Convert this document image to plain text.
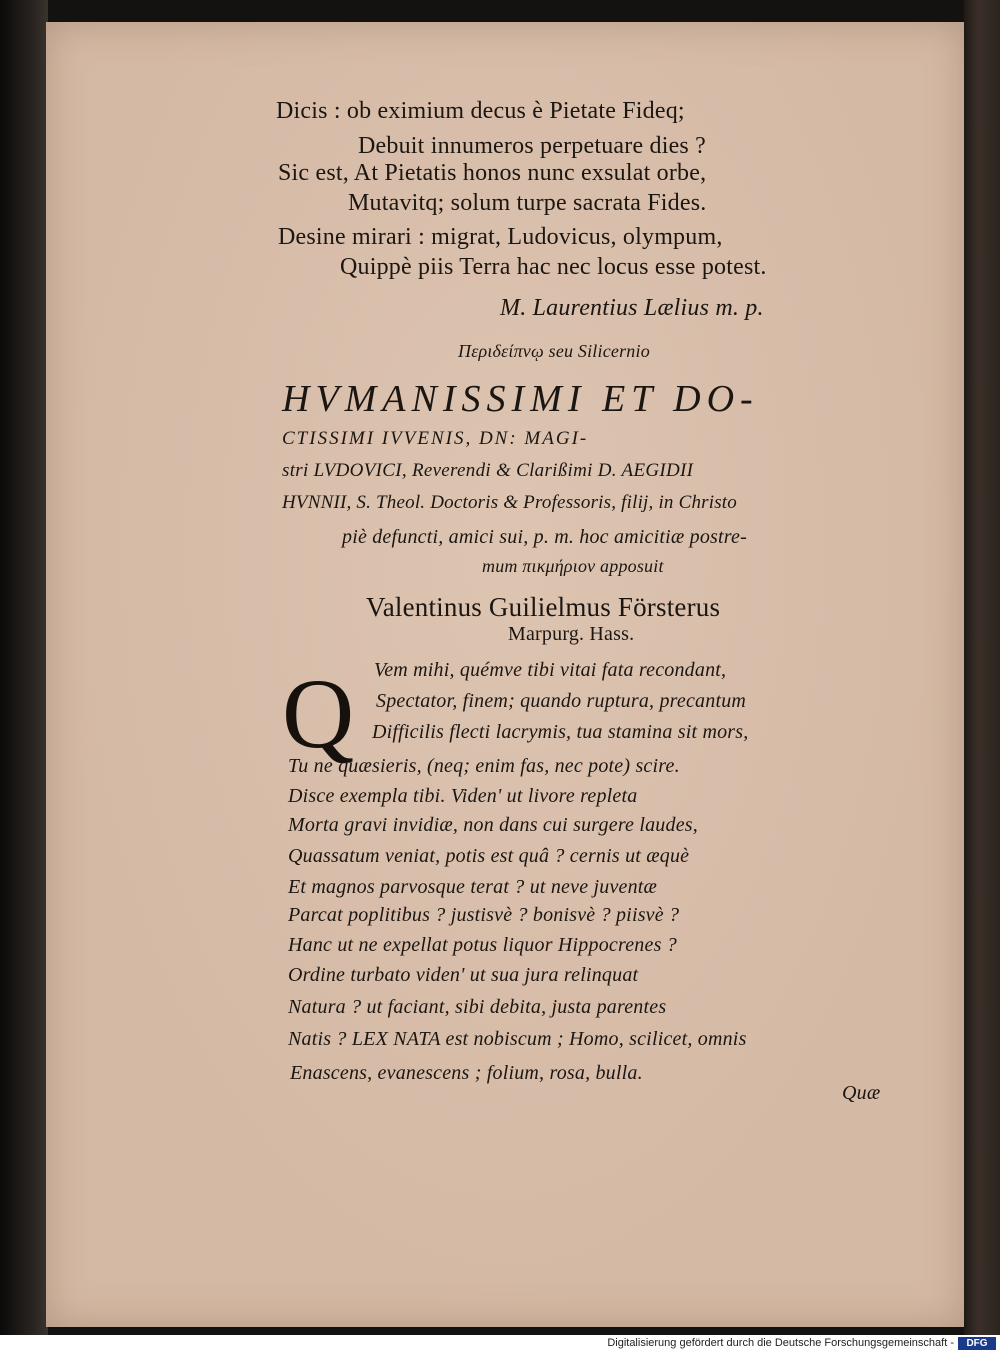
Dicis : ob eximium decus è Pietate Fideq;
Debuit innumeros perpetuare dies ?
Sic est, At Pietatis honos nunc exsulat orbe,
Mutavitq; solum turpe sacrata Fides.
Desine mirari : migrat, Ludovicus, olympum,
Quippè piis Terra hac nec locus esse potest.
M. Laurentius Lælius m. p.
Περιδείπνῳ seu Silicernio
HVMANISSIMI ET DO-
CTISSIMI IVVENIS, DN: MAGI-
stri LVDOVICI, Reverendi & Clarißimi D. AEGIDII
HVNNII, S. Theol. Doctoris & Professoris, filij, in Christo
piè defuncti, amici sui, p. m. hoc amicitiæ postre-
mum πικμήριον apposuit
Valentinus Guilielmus Försterus
Marpurg. Hass.
Q Vem mihi, quémve tibi vitai fata recondant,
Spectator, finem; quando ruptura, precantum
Difficilis flecti lacrymis, tua stamina sit mors,
Tu ne quæsieris, (neq; enim fas, nec pote) scire.
Disce exempla tibi. Viden' ut livore repleta
Morta gravi invidiæ, non dans cui surgere laudes,
Quassatum veniat, potis est quâ ? cernis ut æquè
Et magnos parvosque terat ? ut neve juventæ
Parcat poplitibus ? justisvè ? bonisvè ? piisvè ?
Hanc ut ne expellat potus liquor Hippocrenes ?
Ordine turbato viden' ut sua jura relinquat
Natura ? ut faciant, sibi debita, justa parentes
Natis ? LEX NATA est nobiscum ; Homo, scilicet, omnis
Enascens, evanescens ; folium, rosa, bulla.
Quæ
Digitalisierung gefördert durch die Deutsche Forschungsgemeinschaft -	DFG
